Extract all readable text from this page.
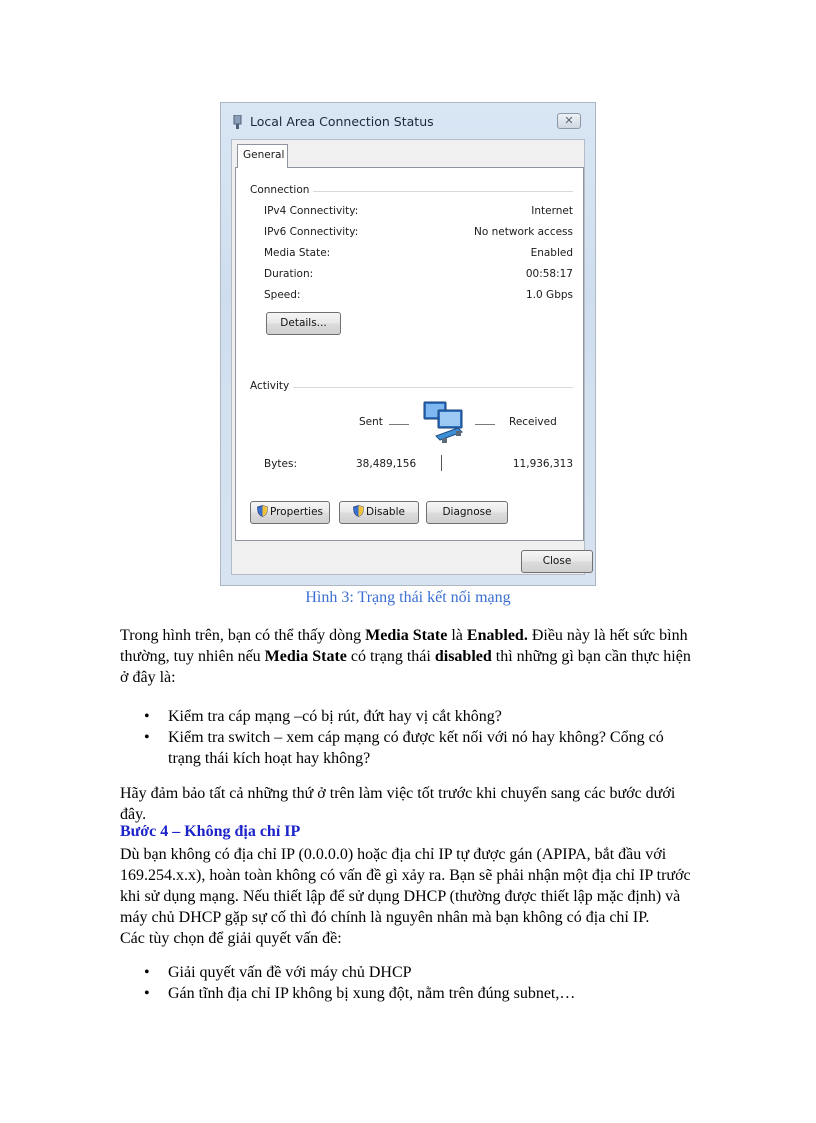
Local Area Connection Status	✕
General
Connection
IPv4 Connectivity:	Internet
IPv6 Connectivity:	No network access
Media State:	Enabled
Duration:	00:58:17
Speed:	1.0 Gbps
Details...
Activity
Sent	Received
Bytes:	38,489,156	11,936,313
Properties	Disable	Diagnose
Close
Hình 3: Trạng thái kết nối mạng

Trong hình trên, bạn có thể thấy dòng Media State là Enabled. Điều này là hết sức bình thường, tuy nhiên nếu Media State có trạng thái disabled thì những gì bạn cần thực hiện ở đây là:

• Kiểm tra cáp mạng –có bị rút, đứt hay vị cắt không?
• Kiểm tra switch – xem cáp mạng có được kết nối với nó hay không? Cổng có trạng thái kích hoạt hay không?

Hãy đảm bảo tất cả những thứ ở trên làm việc tốt trước khi chuyển sang các bước dưới đây.

Bước 4 – Không địa chỉ IP

Dù bạn không có địa chỉ IP (0.0.0.0) hoặc địa chỉ IP tự được gán (APIPA, bắt đầu với 169.254.x.x), hoàn toàn không có vấn đề gì xảy ra. Bạn sẽ phải nhận một địa chỉ IP trước khi sử dụng mạng. Nếu thiết lập để sử dụng DHCP (thường được thiết lập mặc định) và máy chủ DHCP gặp sự cố thì đó chính là nguyên nhân mà bạn không có địa chỉ IP.

Các tùy chọn để giải quyết vấn đề:

• Giải quyết vấn đề với máy chủ DHCP
• Gán tĩnh địa chỉ IP không bị xung đột, nằm trên đúng subnet,…
